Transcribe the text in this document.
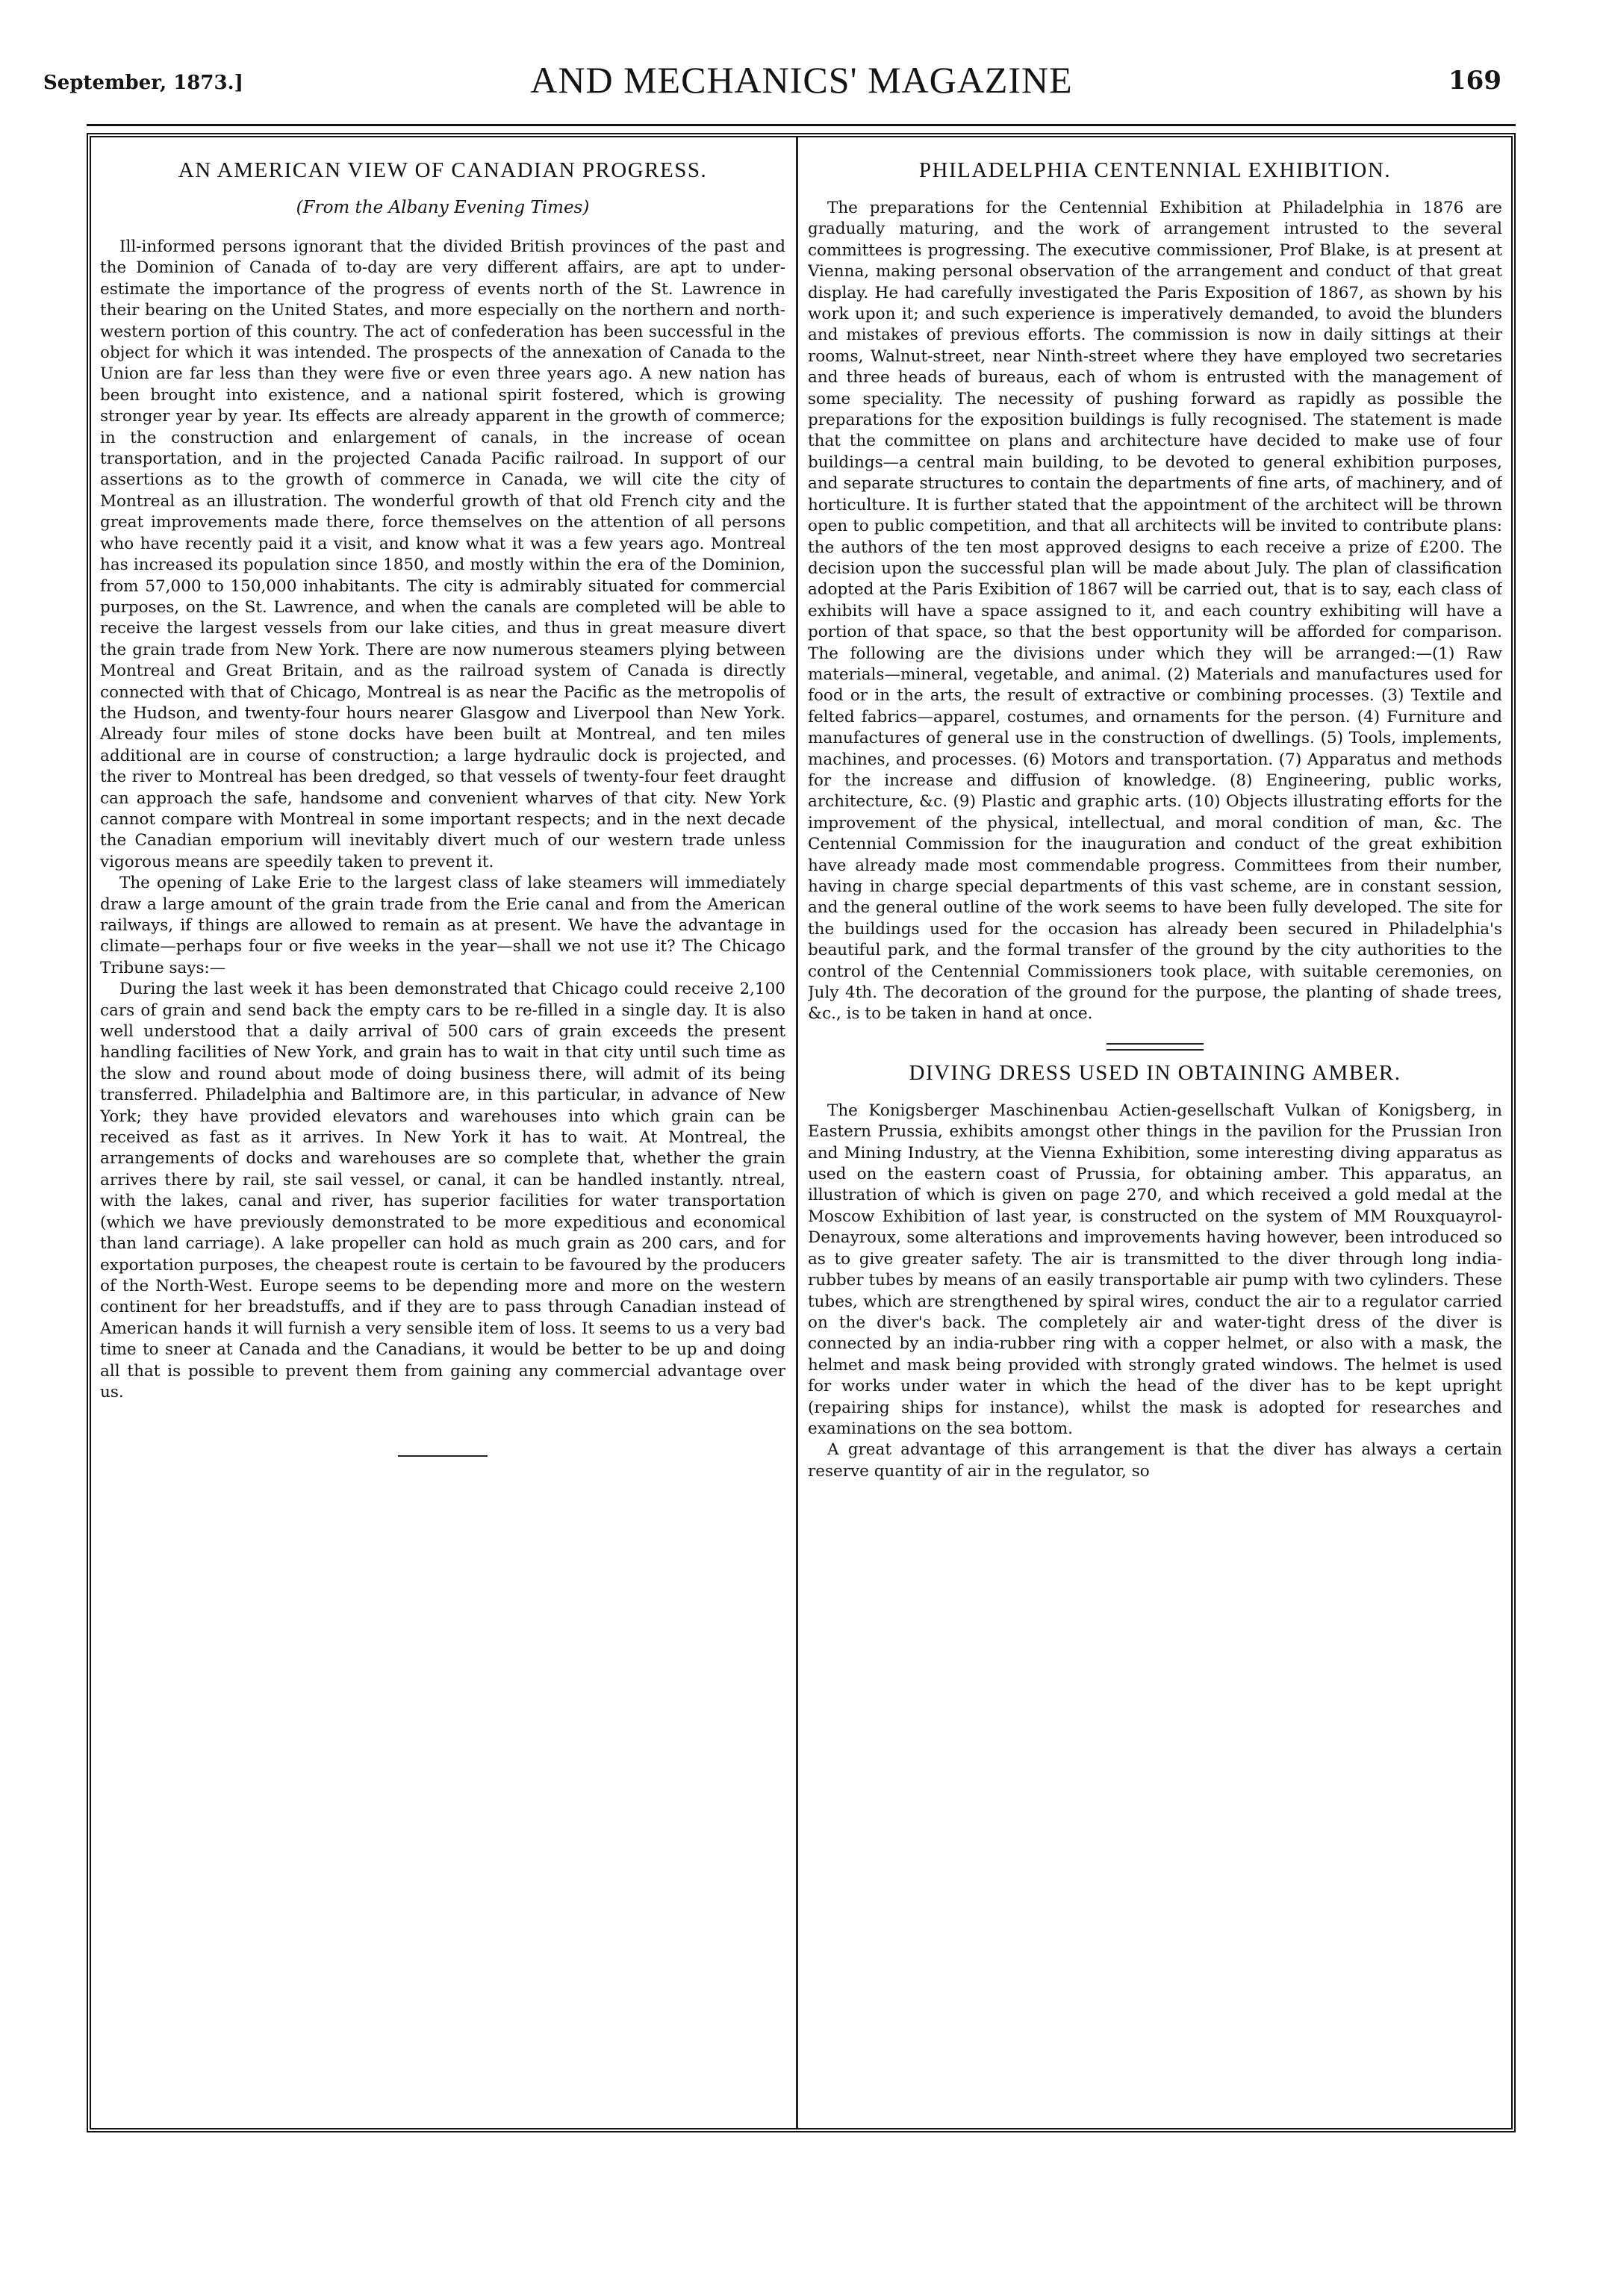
September, 1873.]	AND MECHANICS' MAGAZINE	169
AN AMERICAN VIEW OF CANADIAN PROGRESS.
(From the Albany Evening Times)

Ill-informed persons ignorant that the divided British provinces of the past and the Dominion of Canada of to-day are very different affairs, are apt to under-estimate the importance of the progress of events north of the St. Lawrence in their bearing on the United States, and more especially on the northern and north-western portion of this country. The act of confederation has been successful in the object for which it was intended. The prospects of the annexation of Canada to the Union are far less than they were five or even three years ago. A new nation has been brought into existence, and a national spirit fostered, which is growing stronger year by year. Its effects are already apparent in the growth of commerce; in the construction and enlargement of canals, in the increase of ocean transportation, and in the projected Canada Pacific railroad. In support of our assertions as to the growth of commerce in Canada, we will cite the city of Montreal as an illustration. The wonderful growth of that old French city and the great improvements made there, force themselves on the attention of all persons who have recently paid it a visit, and know what it was a few years ago. Montreal has increased its population since 1850, and mostly within the era of the Dominion, from 57,000 to 150,000 inhabitants. The city is admirably situated for commercial purposes, on the St. Lawrence, and when the canals are completed will be able to receive the largest vessels from our lake cities, and thus in great measure divert the grain trade from New York. There are now numerous steamers plying between Montreal and Great Britain, and as the railroad system of Canada is directly connected with that of Chicago, Montreal is as near the Pacific as the metropolis of the Hudson, and twenty-four hours nearer Glasgow and Liverpool than New York. Already four miles of stone docks have been built at Montreal, and ten miles additional are in course of construction; a large hydraulic dock is projected, and the river to Montreal has been dredged, so that vessels of twenty-four feet draught can approach the safe, handsome and convenient wharves of that city. New York cannot compare with Montreal in some important respects; and in the next decade the Canadian emporium will inevitably divert much of our western trade unless vigorous means are speedily taken to prevent it.

The opening of Lake Erie to the largest class of lake steamers will immediately draw a large amount of the grain trade from the Erie canal and from the American railways, if things are allowed to remain as at present. We have the advantage in climate—perhaps four or five weeks in the year—shall we not use it? The Chicago Tribune says:—

During the last week it has been demonstrated that Chicago could receive 2,100 cars of grain and send back the empty cars to be re-filled in a single day. It is also well understood that a daily arrival of 500 cars of grain exceeds the present handling facilities of New York, and grain has to wait in that city until such time as the slow and round about mode of doing business there, will admit of its being transferred. Philadelphia and Baltimore are, in this particular, in advance of New York; they have provided elevators and warehouses into which grain can be received as fast as it arrives. In New York it has to wait. At Montreal, the arrangements of docks and warehouses are so complete that, whether the grain arrives there by rail, ste sail vessel, or canal, it can be handled instantly. ntreal, with the lakes, canal and river, has superior facilities for water transportation (which we have previously demonstrated to be more expeditious and economical than land carriage). A lake propeller can hold as much grain as 200 cars, and for exportation purposes, the cheapest route is certain to be favoured by the producers of the North-West. Europe seems to be depending more and more on the western continent for her breadstuffs, and if they are to pass through Canadian instead of American hands it will furnish a very sensible item of loss. It seems to us a very bad time to sneer at Canada and the Canadians, it would be better to be up and doing all that is possible to prevent them from gaining any commercial advantage over us.

PHILADELPHIA CENTENNIAL EXHIBITION.

The preparations for the Centennial Exhibition at Philadelphia in 1876 are gradually maturing, and the work of arrangement intrusted to the several committees is progressing. The executive commissioner, Prof Blake, is at present at Vienna, making personal observation of the arrangement and conduct of that great display. He had carefully investigated the Paris Exposition of 1867, as shown by his work upon it; and such experience is imperatively demanded, to avoid the blunders and mistakes of previous efforts. The commission is now in daily sittings at their rooms, Walnut-street, near Ninth-street where they have employed two secretaries and three heads of bureaus, each of whom is entrusted with the management of some speciality. The necessity of pushing forward as rapidly as possible the preparations for the exposition buildings is fully recognised. The statement is made that the committee on plans and architecture have decided to make use of four buildings—a central main building, to be devoted to general exhibition purposes, and separate structures to contain the departments of fine arts, of machinery, and of horticulture. It is further stated that the appointment of the architect will be thrown open to public competition, and that all architects will be invited to contribute plans: the authors of the ten most approved designs to each receive a prize of £200. The decision upon the successful plan will be made about July. The plan of classification adopted at the Paris Exibition of 1867 will be carried out, that is to say, each class of exhibits will have a space assigned to it, and each country exhibiting will have a portion of that space, so that the best opportunity will be afforded for comparison. The following are the divisions under which they will be arranged:—(1) Raw materials—mineral, vegetable, and animal. (2) Materials and manufactures used for food or in the arts, the result of extractive or combining processes. (3) Textile and felted fabrics—apparel, costumes, and ornaments for the person. (4) Furniture and manufactures of general use in the construction of dwellings. (5) Tools, implements, machines, and processes. (6) Motors and transportation. (7) Apparatus and methods for the increase and diffusion of knowledge. (8) Engineering, public works, architecture, &c. (9) Plastic and graphic arts. (10) Objects illustrating efforts for the improvement of the physical, intellectual, and moral condition of man, &c. The Centennial Commission for the inauguration and conduct of the great exhibition have already made most commendable progress. Committees from their number, having in charge special departments of this vast scheme, are in constant session, and the general outline of the work seems to have been fully developed. The site for the buildings used for the occasion has already been secured in Philadelphia's beautiful park, and the formal transfer of the ground by the city authorities to the control of the Centennial Commissioners took place, with suitable ceremonies, on July 4th. The decoration of the ground for the purpose, the planting of shade trees, &c., is to be taken in hand at once.

DIVING DRESS USED IN OBTAINING AMBER.

The Konigsberger Maschinenbau Actien-gesellschaft Vulkan of Konigsberg, in Eastern Prussia, exhibits amongst other things in the pavilion for the Prussian Iron and Mining Industry, at the Vienna Exhibition, some interesting diving apparatus as used on the eastern coast of Prussia, for obtaining amber. This apparatus, an illustration of which is given on page 270, and which received a gold medal at the Moscow Exhibition of last year, is constructed on the system of MM Rouxquayrol-Denayroux, some alterations and improvements having however, been introduced so as to give greater safety. The air is transmitted to the diver through long india-rubber tubes by means of an easily transportable air pump with two cylinders. These tubes, which are strengthened by spiral wires, conduct the air to a regulator carried on the diver's back. The completely air and water-tight dress of the diver is connected by an india-rubber ring with a copper helmet, or also with a mask, the helmet and mask being provided with strongly grated windows. The helmet is used for works under water in which the head of the diver has to be kept upright (repairing ships for instance), whilst the mask is adopted for researches and examinations on the sea bottom.

A great advantage of this arrangement is that the diver has always a certain reserve quantity of air in the regulator, so
